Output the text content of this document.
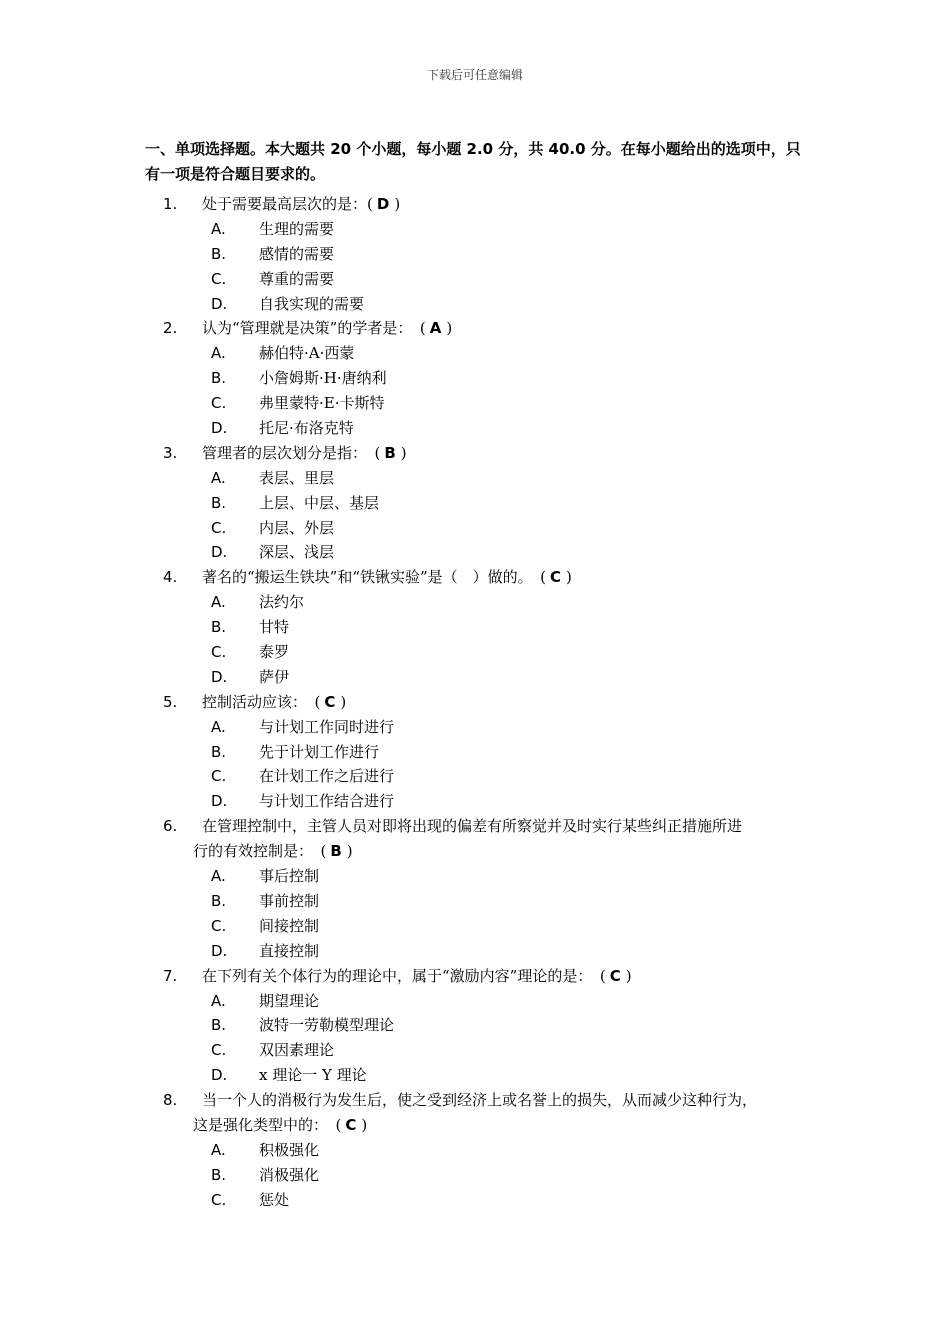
下载后可任意编辑
一、单项选择题。本大题共 20 个小题，每小题 2.0 分，共 40.0 分。在每小题给出的选项中，只有一项是符合题目要求的。
1. 处于需要最高层次的是：( D )
A. 生理的需要
B. 感情的需要
C. 尊重的需要
D. 自我实现的需要
2. 认为“管理就是决策”的学者是：　( A )
A. 赫伯特·A·西蒙
B. 小詹姆斯·H·唐纳利
C. 弗里蒙特·E·卡斯特
D. 托尼·布洛克特
3. 管理者的层次划分是指：　( B )
A. 表层、里层
B. 上层、中层、基层
C. 内层、外层
D. 深层、浅层
4. 著名的“搬运生铁块”和“铁锹实验”是（　）做的。　( C )
A. 法约尔
B. 甘特
C. 泰罗
D. 萨伊
5. 控制活动应该：　( C )
A. 与计划工作同时进行
B. 先于计划工作进行
C. 在计划工作之后进行
D. 与计划工作结合进行
6. 在管理控制中，主管人员对即将出现的偏差有所察觉并及时实行某些纠正措施所进
行的有效控制是：　( B )
A. 事后控制
B. 事前控制
C. 间接控制
D. 直接控制
7. 在下列有关个体行为的理论中，属于“激励内容”理论的是：　( C )
A. 期望理论
B. 波特一劳勒模型理论
C. 双因素理论
D. x 理论一 Y 理论
8. 当一个人的消极行为发生后，使之受到经济上或名誉上的损失，从而减少这种行为，
这是强化类型中的：　( C )
A. 积极强化
B. 消极强化
C. 惩处
